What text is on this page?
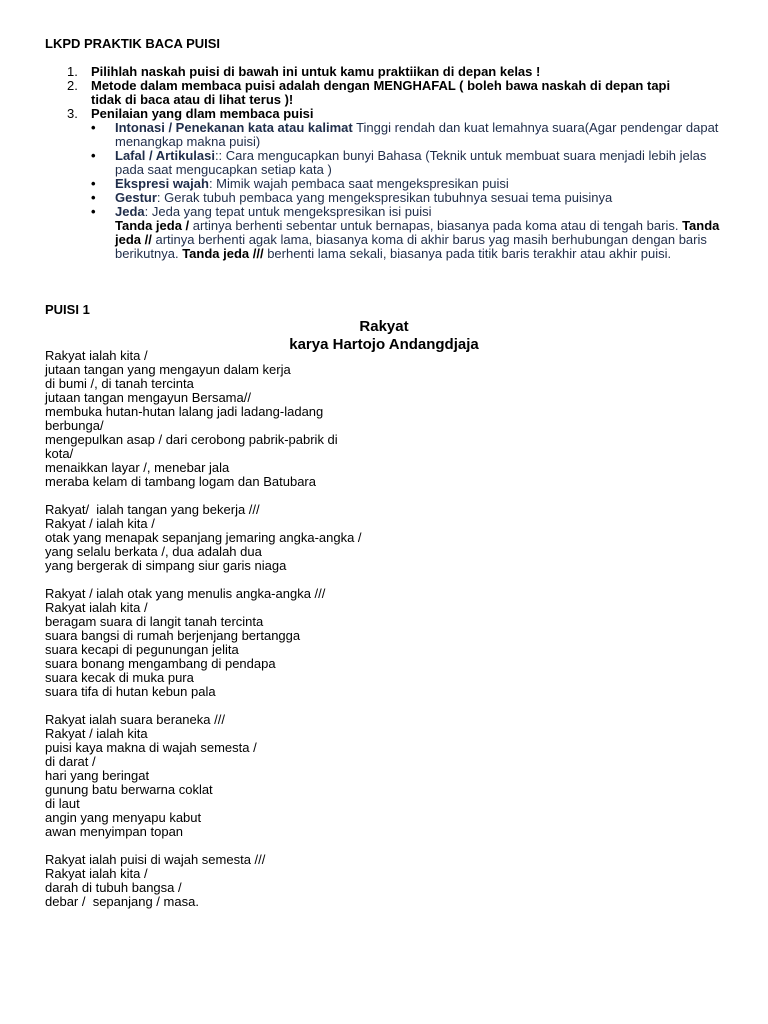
LKPD PRAKTIK BACA PUISI
1.	Pilihlah naskah puisi di bawah ini untuk kamu praktiikan di depan kelas !
2.	Metode dalam membaca puisi adalah dengan MENGHAFAL ( boleh bawa naskah di depan tapi tidak di baca atau di lihat terus )!
3.	Penilaian yang dlam membaca puisi
•	Intonasi / Penekanan kata atau kalimat Tinggi rendah dan kuat lemahnya suara(Agar pendengar dapat menangkap makna puisi)
•	Lafal / Artikulasi:: Cara mengucapkan bunyi Bahasa (Teknik untuk membuat suara menjadi lebih jelas pada saat mengucapkan setiap kata )
•	Ekspresi wajah: Mimik wajah pembaca saat mengekspresikan puisi
•	Gestur: Gerak tubuh pembaca yang mengekspresikan tubuhnya sesuai tema puisinya
•	Jeda: Jeda yang tepat untuk mengekspresikan isi puisi
Tanda jeda / artinya berhenti sebentar untuk bernapas, biasanya pada koma atau di tengah baris. Tanda jeda // artinya berhenti agak lama, biasanya koma di akhir barus yag masih berhubungan dengan baris berikutnya. Tanda jeda /// berhenti lama sekali, biasanya pada titik baris terakhir atau akhir puisi.
PUISI 1
Rakyat
karya Hartojo Andangdjaja
Rakyat ialah kita /
jutaan tangan yang mengayun dalam kerja
di bumi /, di tanah tercinta
jutaan tangan mengayun Bersama//
membuka hutan-hutan lalang jadi ladang-ladang
berbunga/
mengepulkan asap / dari cerobong pabrik-pabrik di
kota/
menaikkan layar /, menebar jala
meraba kelam di tambang logam dan Batubara
Rakyat/  ialah tangan yang bekerja ///
Rakyat / ialah kita /
otak yang menapak sepanjang jemaring angka-angka /
yang selalu berkata /, dua adalah dua
yang bergerak di simpang siur garis niaga
Rakyat / ialah otak yang menulis angka-angka ///
Rakyat ialah kita /
beragam suara di langit tanah tercinta
suara bangsi di rumah berjenjang bertangga
suara kecapi di pegunungan jelita
suara bonang mengambang di pendapa
suara kecak di muka pura
suara tifa di hutan kebun pala
Rakyat ialah suara beraneka ///
Rakyat / ialah kita
puisi kaya makna di wajah semesta /
di darat /
hari yang beringat
gunung batu berwarna coklat
di laut
angin yang menyapu kabut
awan menyimpan topan
Rakyat ialah puisi di wajah semesta ///
Rakyat ialah kita /
darah di tubuh bangsa /
debar /  sepanjang / masa.
